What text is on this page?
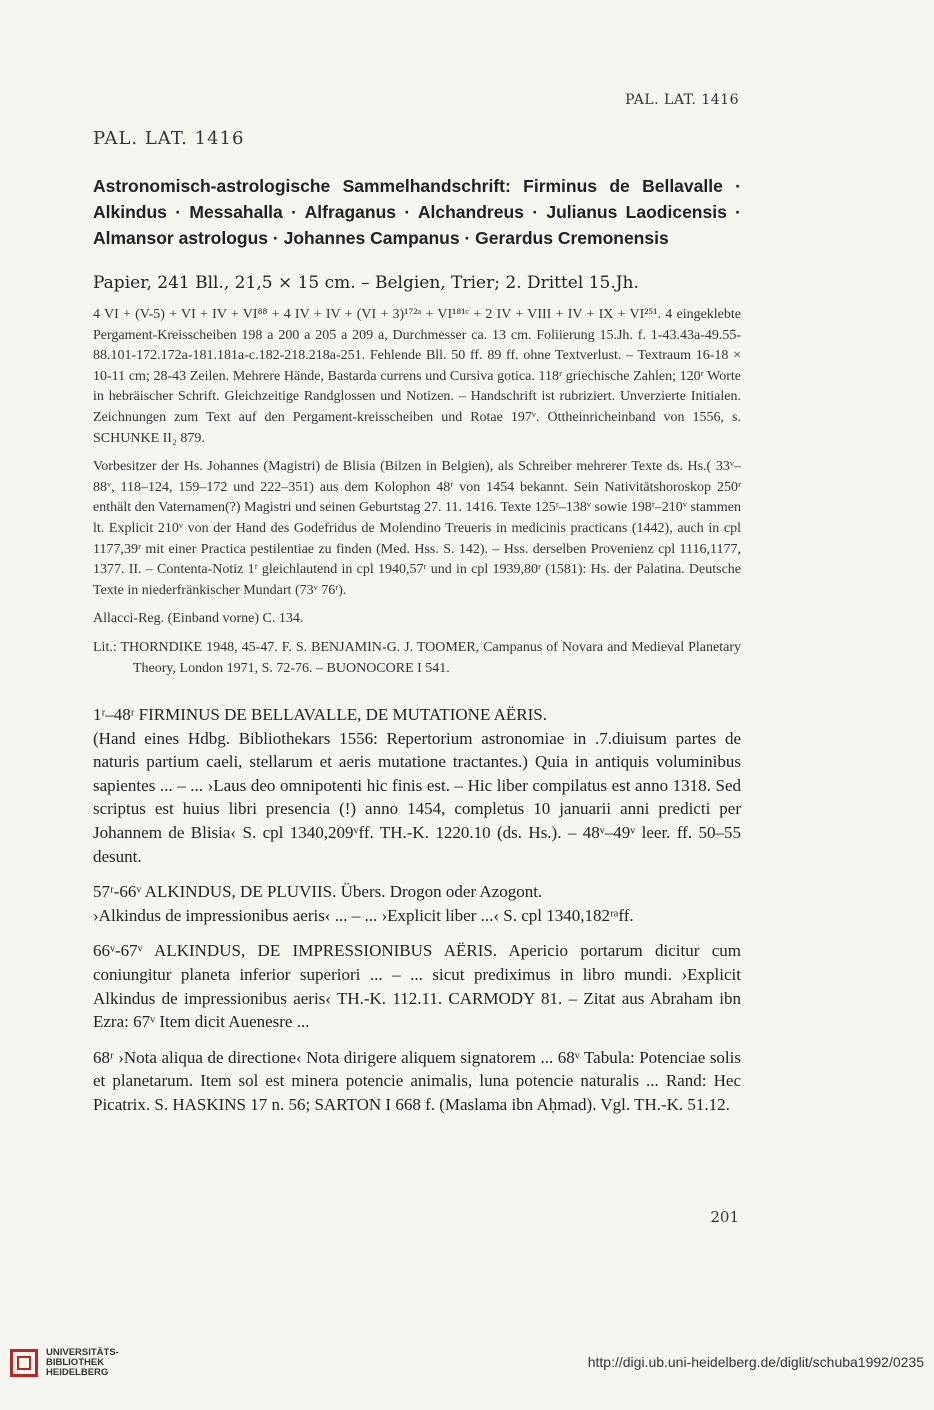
PAL. LAT. 1416
PAL. LAT. 1416
Astronomisch-astrologische Sammelhandschrift: Firminus de Bellavalle · Alkindus · Messahalla · Alfraganus · Alchandreus · Julianus Laodicensis · Almansor astrologus · Johannes Campanus · Gerardus Cremonensis
Papier, 241 Bll., 21,5 × 15 cm. – Belgien, Trier; 2. Drittel 15.Jh.

4 VI + (V-5) + VI + IV + VI⁸⁸ + 4 IV + IV + (VI + 3)¹⁷²ᵃ + VI¹⁸¹ᶜ + 2 IV + VIII + IV + IX + VI²⁵¹. 4 eingeklebte Pergament-Kreisscheiben 198 a 200 a 205 a 209 a, Durchmesser ca. 13 cm. Foliierung 15.Jh. f. 1-43.43a-49.55-88.101-172.172a-181.181a-c.182-218.218a-251. Fehlende Bll. 50 ff. 89 ff. ohne Textverlust. – Textraum 16-18 × 10-11 cm; 28-43 Zeilen. Mehrere Hände, Bastarda currens und Cursiva gotica. 118ʳ griechische Zahlen; 120ʳ Worte in hebräischer Schrift. Gleichzeitige Randglossen und Notizen. – Handschrift ist rubriziert. Unverzierte Initialen. Zeichnungen zum Text auf den Pergament-kreisscheiben und Rotae 197ᵛ. Ottheinricheinband von 1556, s. SCHUNKE II₂ 879.

Vorbesitzer der Hs. Johannes (Magistri) de Blisia (Bilzen in Belgien), als Schreiber mehrerer Texte ds. Hs.( 33ᵛ–88ᵛ, 118–124, 159–172 und 222–351) aus dem Kolophon 48ʳ von 1454 bekannt. Sein Nativitätshoroskop 250ʳ enthält den Vaternamen(?) Magistri und seinen Geburtstag 27. 11. 1416. Texte 125ʳ–138ᵛ sowie 198ʳ–210ᵛ stammen lt. Explicit 210ᵛ von der Hand des Godefridus de Molendino Treueris in medicinis practicans (1442), auch in cpl 1177,39ʳ mit einer Practica pestilentiae zu finden (Med. Hss. S. 142). – Hss. derselben Provenienz cpl 1116,1177, 1377. II. – Contenta-Notiz 1ʳ gleichlautend in cpl 1940,57ʳ und in cpl 1939,80ʳ (1581): Hs. der Palatina. Deutsche Texte in niederfränkischer Mundart (73ᵛ 76ʳ).

Allacci-Reg. (Einband vorne) C. 134.

Lit.: THORNDIKE 1948, 45-47. F. S. BENJAMIN-G. J. TOOMER, Campanus of Novara and Medieval Planetary Theory, London 1971, S. 72-76. – BUONOCORE I 541.

1ʳ–48ʳ FIRMINUS DE BELLAVALLE, DE MUTATIONE AËRIS.
(Hand eines Hdbg. Bibliothekars 1556: Repertorium astronomiae in .7.diuisum partes de naturis partium caeli, stellarum et aeris mutatione tractantes.) Quia in antiquis voluminibus sapientes ... – ... ›Laus deo omnipotenti hic finis est. – Hic liber compilatus est anno 1318. Sed scriptus est huius libri presencia (!) anno 1454, completus 10 januarii anni predicti per Johannem de Blisia‹ S. cpl 1340,209ᵛff. TH.-K. 1220.10 (ds. Hs.). – 48ᵛ–49ᵛ leer. ff. 50–55 desunt.

57ʳ-66ᵛ ALKINDUS, DE PLUVIIS. Übers. Drogon oder Azogont.
›Alkindus de impressionibus aeris‹ ... – ... ›Explicit liber ...‹ S. cpl 1340,182ʳᵃff.

66ᵛ-67ᵛ ALKINDUS, DE IMPRESSIONIBUS AËRIS. Apericio portarum dicitur cum coniungitur planeta inferior superiori ... – ... sicut prediximus in libro mundi. ›Explicit Alkindus de impressionibus aeris‹ TH.-K. 112.11. CARMODY 81. – Zitat aus Abraham ibn Ezra: 67ᵛ Item dicit Auenesre ...

68ʳ ›Nota aliqua de directione‹ Nota dirigere aliquem signatorem ... 68ᵛ Tabula: Potenciae solis et planetarum. Item sol est minera potencie animalis, luna potencie naturalis ... Rand: Hec Picatrix. S. HASKINS 17 n. 56; SARTON I 668 f. (Maslama ibn Aḥmad). Vgl. TH.-K. 51.12.

201
UNIVERSITÄTS-
BIBLIOTHEK
HEIDELBERG
http://digi.ub.uni-heidelberg.de/diglit/schuba1992/0235
